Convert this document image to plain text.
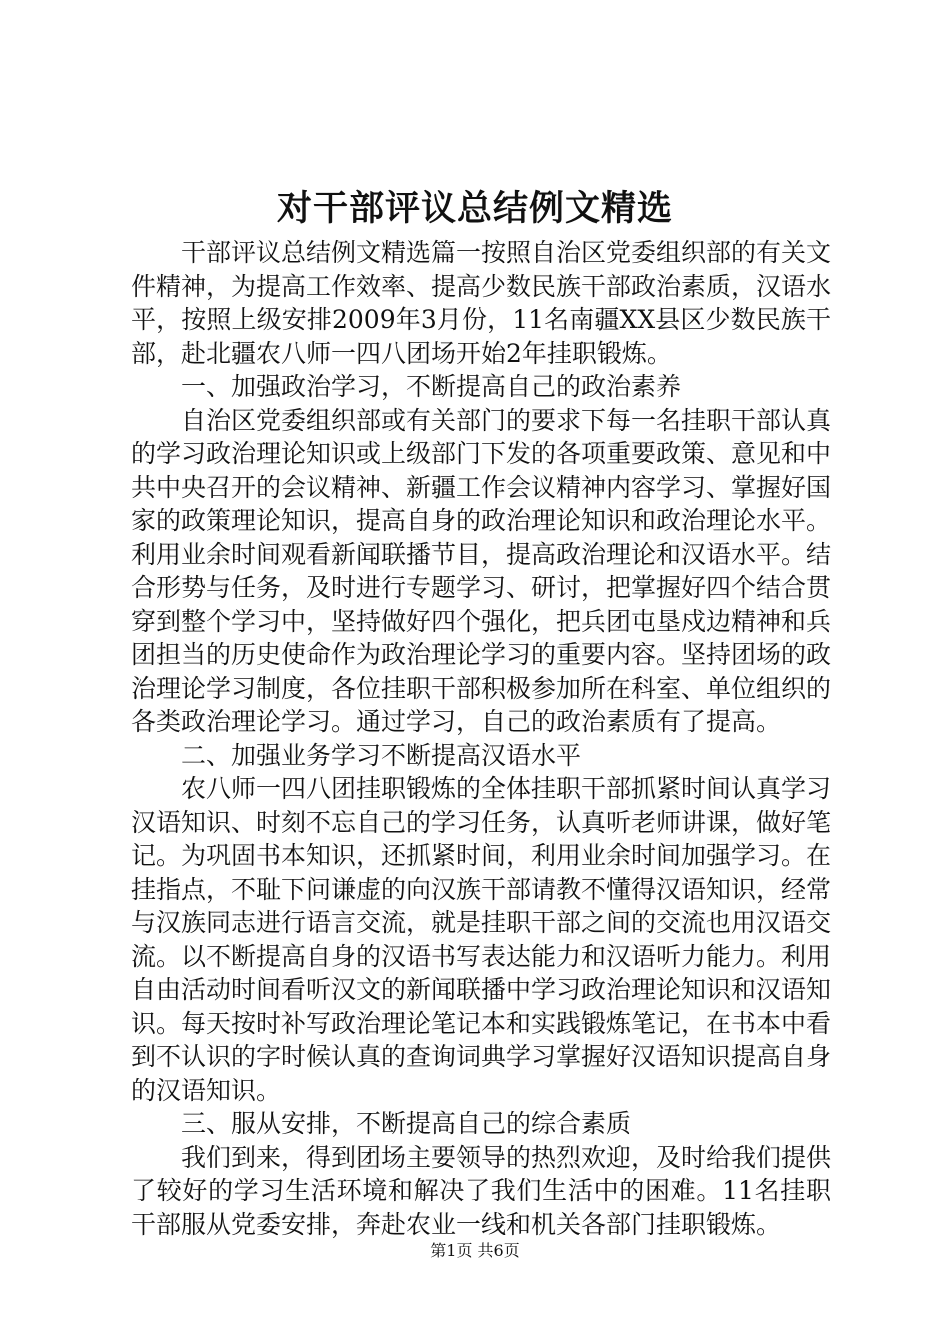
对干部评议总结例文精选

干部评议总结例文精选篇一按照自治区党委组织部的有关文件精神，为提高工作效率、提高少数民族干部政治素质，汉语水平，按照上级安排2009年3月份，11名南疆XX县区少数民族干部，赴北疆农八师一四八团场开始2年挂职锻炼。

一、加强政治学习，不断提高自己的政治素养

自治区党委组织部或有关部门的要求下每一名挂职干部认真的学习政治理论知识或上级部门下发的各项重要政策、意见和中共中央召开的会议精神、新疆工作会议精神内容学习、掌握好国家的政策理论知识，提高自身的政治理论知识和政治理论水平。利用业余时间观看新闻联播节目，提高政治理论和汉语水平。结合形势与任务，及时进行专题学习、研讨，把掌握好四个结合贯穿到整个学习中，坚持做好四个强化，把兵团屯垦戍边精神和兵团担当的历史使命作为政治理论学习的重要内容。坚持团场的政治理论学习制度，各位挂职干部积极参加所在科室、单位组织的各类政治理论学习。通过学习，自己的政治素质有了提高。

二、加强业务学习不断提高汉语水平

农八师一四八团挂职锻炼的全体挂职干部抓紧时间认真学习汉语知识、时刻不忘自己的学习任务，认真听老师讲课，做好笔记。为巩固书本知识，还抓紧时间，利用业余时间加强学习。在挂指点，不耻下问谦虚的向汉族干部请教不懂得汉语知识，经常与汉族同志进行语言交流，就是挂职干部之间的交流也用汉语交流。以不断提高自身的汉语书写表达能力和汉语听力能力。利用自由活动时间看听汉文的新闻联播中学习政治理论知识和汉语知识。每天按时补写政治理论笔记本和实践锻炼笔记，在书本中看到不认识的字时候认真的查询词典学习掌握好汉语知识提高自身的汉语知识。

三、服从安排，不断提高自己的综合素质

我们到来，得到团场主要领导的热烈欢迎，及时给我们提供了较好的学习生活环境和解决了我们生活中的困难。11名挂职干部服从党委安排，奔赴农业一线和机关各部门挂职锻炼。

第1页 共6页
